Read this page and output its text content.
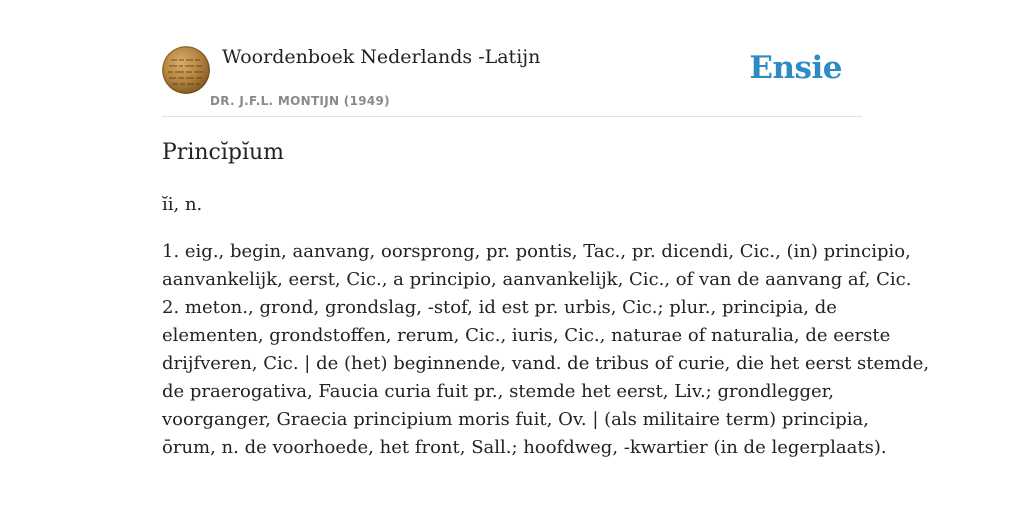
Woordenboek Nederlands -Latijn
DR. J.F.L. MONTIJN (1949)
Ensie
Princĭpĭum
ĭi, n.
1. eig., begin, aanvang, oorsprong, pr. pontis, Tac., pr. dicendi, Cic., (in) principio,
aanvankelijk, eerst, Cic., a principio, aanvankelijk, Cic., of van de aanvang af, Cic.
2. meton., grond, grondslag, -stof, id est pr. urbis, Cic.; plur., principia, de
elementen, grondstoffen, rerum, Cic., iuris, Cic., naturae of naturalia, de eerste
drijfveren, Cic. | de (het) beginnende, vand. de tribus of curie, die het eerst stemde,
de praerogativa, Faucia curia fuit pr., stemde het eerst, Liv.; grondlegger,
voorganger, Graecia principium moris fuit, Ov. | (als militaire term) principia,
ōrum, n. de voorhoede, het front, Sall.; hoofdweg, -kwartier (in de legerplaats).
